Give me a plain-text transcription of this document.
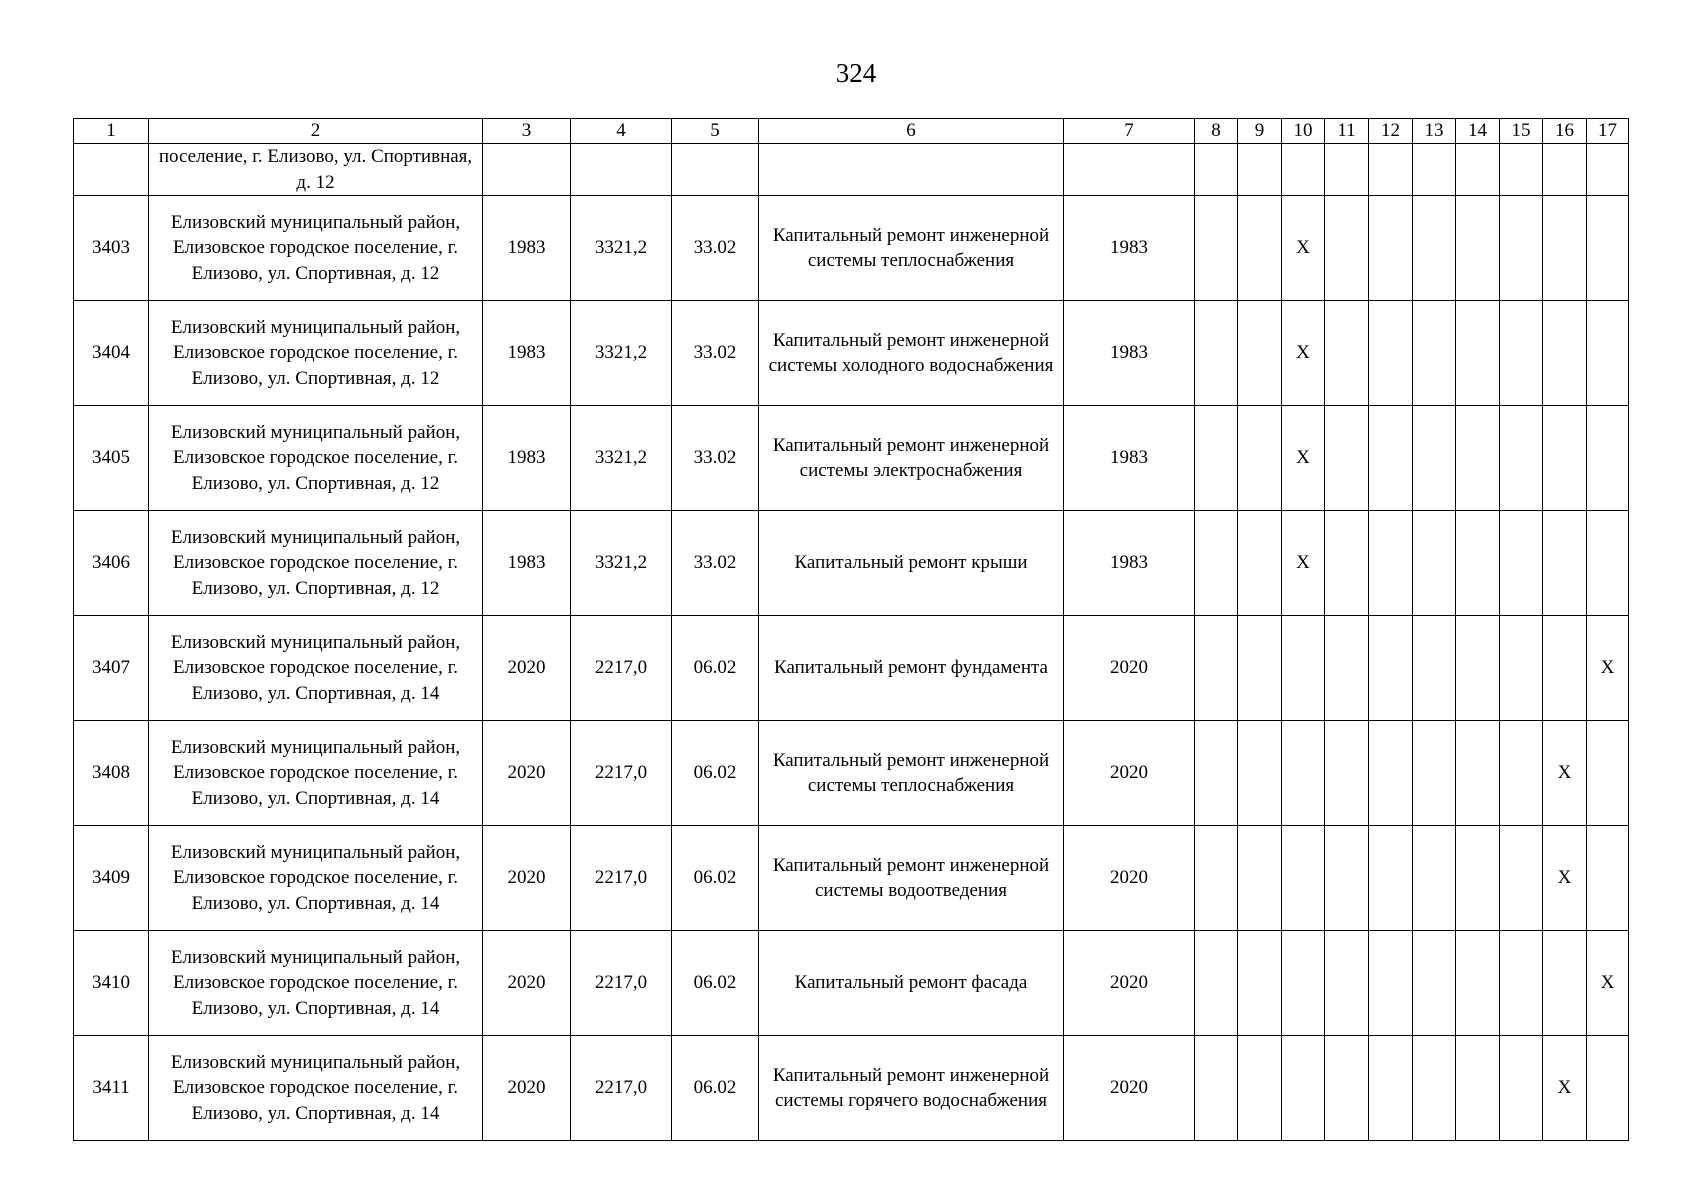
324
1	2	3	4	5	6	7	8	9	10	11	12	13	14	15	16	17
	поселение, г. Елизово, ул. Спортивная, д. 12															
3403	Елизовский муниципальный район, Елизовское городское поселение, г. Елизово, ул. Спортивная, д. 12	1983	3321,2	33.02	Капитальный ремонт инженерной системы теплоснабжения	1983			X							
3404	Елизовский муниципальный район, Елизовское городское поселение, г. Елизово, ул. Спортивная, д. 12	1983	3321,2	33.02	Капитальный ремонт инженерной системы холодного водоснабжения	1983			X							
3405	Елизовский муниципальный район, Елизовское городское поселение, г. Елизово, ул. Спортивная, д. 12	1983	3321,2	33.02	Капитальный ремонт инженерной системы электроснабжения	1983			X							
3406	Елизовский муниципальный район, Елизовское городское поселение, г. Елизово, ул. Спортивная, д. 12	1983	3321,2	33.02	Капитальный ремонт крыши	1983			X							
3407	Елизовский муниципальный район, Елизовское городское поселение, г. Елизово, ул. Спортивная, д. 14	2020	2217,0	06.02	Капитальный ремонт фундамента	2020										X
3408	Елизовский муниципальный район, Елизовское городское поселение, г. Елизово, ул. Спортивная, д. 14	2020	2217,0	06.02	Капитальный ремонт инженерной системы теплоснабжения	2020									X	
3409	Елизовский муниципальный район, Елизовское городское поселение, г. Елизово, ул. Спортивная, д. 14	2020	2217,0	06.02	Капитальный ремонт инженерной системы водоотведения	2020									X	
3410	Елизовский муниципальный район, Елизовское городское поселение, г. Елизово, ул. Спортивная, д. 14	2020	2217,0	06.02	Капитальный ремонт фасада	2020										X
3411	Елизовский муниципальный район, Елизовское городское поселение, г. Елизово, ул. Спортивная, д. 14	2020	2217,0	06.02	Капитальный ремонт инженерной системы горячего водоснабжения	2020									X	
